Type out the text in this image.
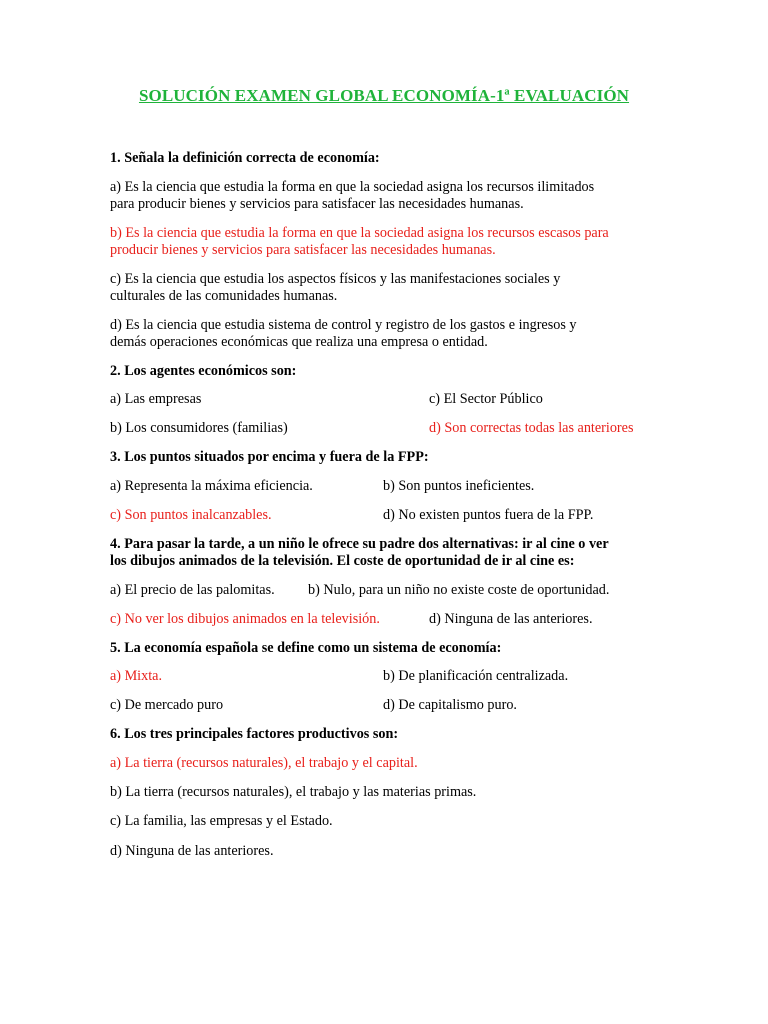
SOLUCIÓN EXAMEN GLOBAL ECONOMÍA-1ª EVALUACIÓN
1. Señala la definición correcta de economía:
a) Es la ciencia que estudia la forma en que la sociedad asigna los recursos ilimitados
para producir bienes y servicios para satisfacer las necesidades humanas.
b) Es la ciencia que estudia la forma en que la sociedad asigna los recursos escasos para
producir bienes y servicios para satisfacer las necesidades humanas.
c) Es la ciencia que estudia los aspectos físicos y las manifestaciones sociales y
culturales de las comunidades humanas.
d) Es la ciencia que estudia sistema de control y registro de los gastos e ingresos y
demás operaciones económicas que realiza una empresa o entidad.
2. Los agentes económicos son:
a) Las empresas	c) El Sector Público
b) Los consumidores (familias)	d) Son correctas todas las anteriores
3. Los puntos situados por encima y fuera de la FPP:
a) Representa la máxima eficiencia.	b) Son puntos ineficientes.
c) Son puntos inalcanzables.	d) No existen puntos fuera de la FPP.
4. Para pasar la tarde, a un niño le ofrece su padre dos alternativas: ir al cine o ver
los dibujos animados de la televisión. El coste de oportunidad de ir al cine es:
a) El precio de las palomitas. b) Nulo, para un niño no existe coste de oportunidad.
c) No ver los dibujos animados en la televisión.	d) Ninguna de las anteriores.
5. La economía española se define como un sistema de economía:
a) Mixta.	b) De planificación centralizada.
c) De mercado puro	d) De capitalismo puro.
6. Los tres principales factores productivos son:
a) La tierra (recursos naturales), el trabajo y el capital.
b) La tierra (recursos naturales), el trabajo y las materias primas.
c) La familia, las empresas y el Estado.
d) Ninguna de las anteriores.
